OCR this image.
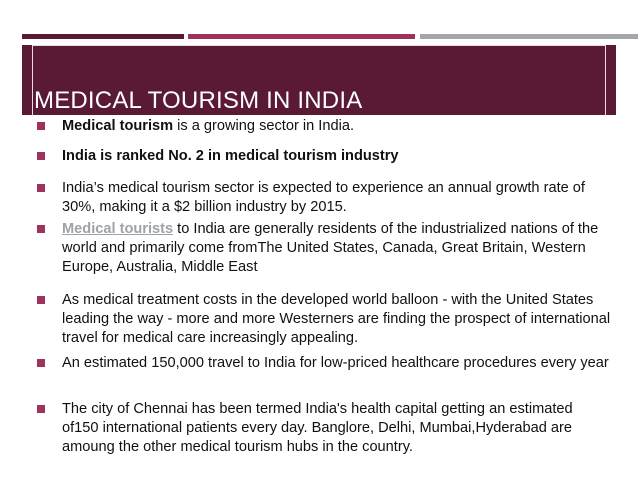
MEDICAL TOURISM IN INDIA
Medical tourism is a growing sector in India.
India is ranked No. 2 in medical tourism industry
India’s medical tourism sector is expected to experience an annual growth rate of 30%, making it a $2 billion industry by 2015.
Medical tourists to India are generally residents of the industrialized nations of the world and primarily come fromThe United States, Canada, Great Britain, Western Europe, Australia, Middle East
As medical treatment costs in the developed world balloon - with the United States leading the way - more and more Westerners are finding the prospect of international travel for medical care increasingly appealing.
An estimated 150,000 travel to India for low-priced healthcare procedures every year
The city of Chennai has been termed India's health capital getting an estimated of150 international patients every day. Banglore, Delhi, Mumbai,Hyderabad are amoung the other medical tourism hubs in the country.
